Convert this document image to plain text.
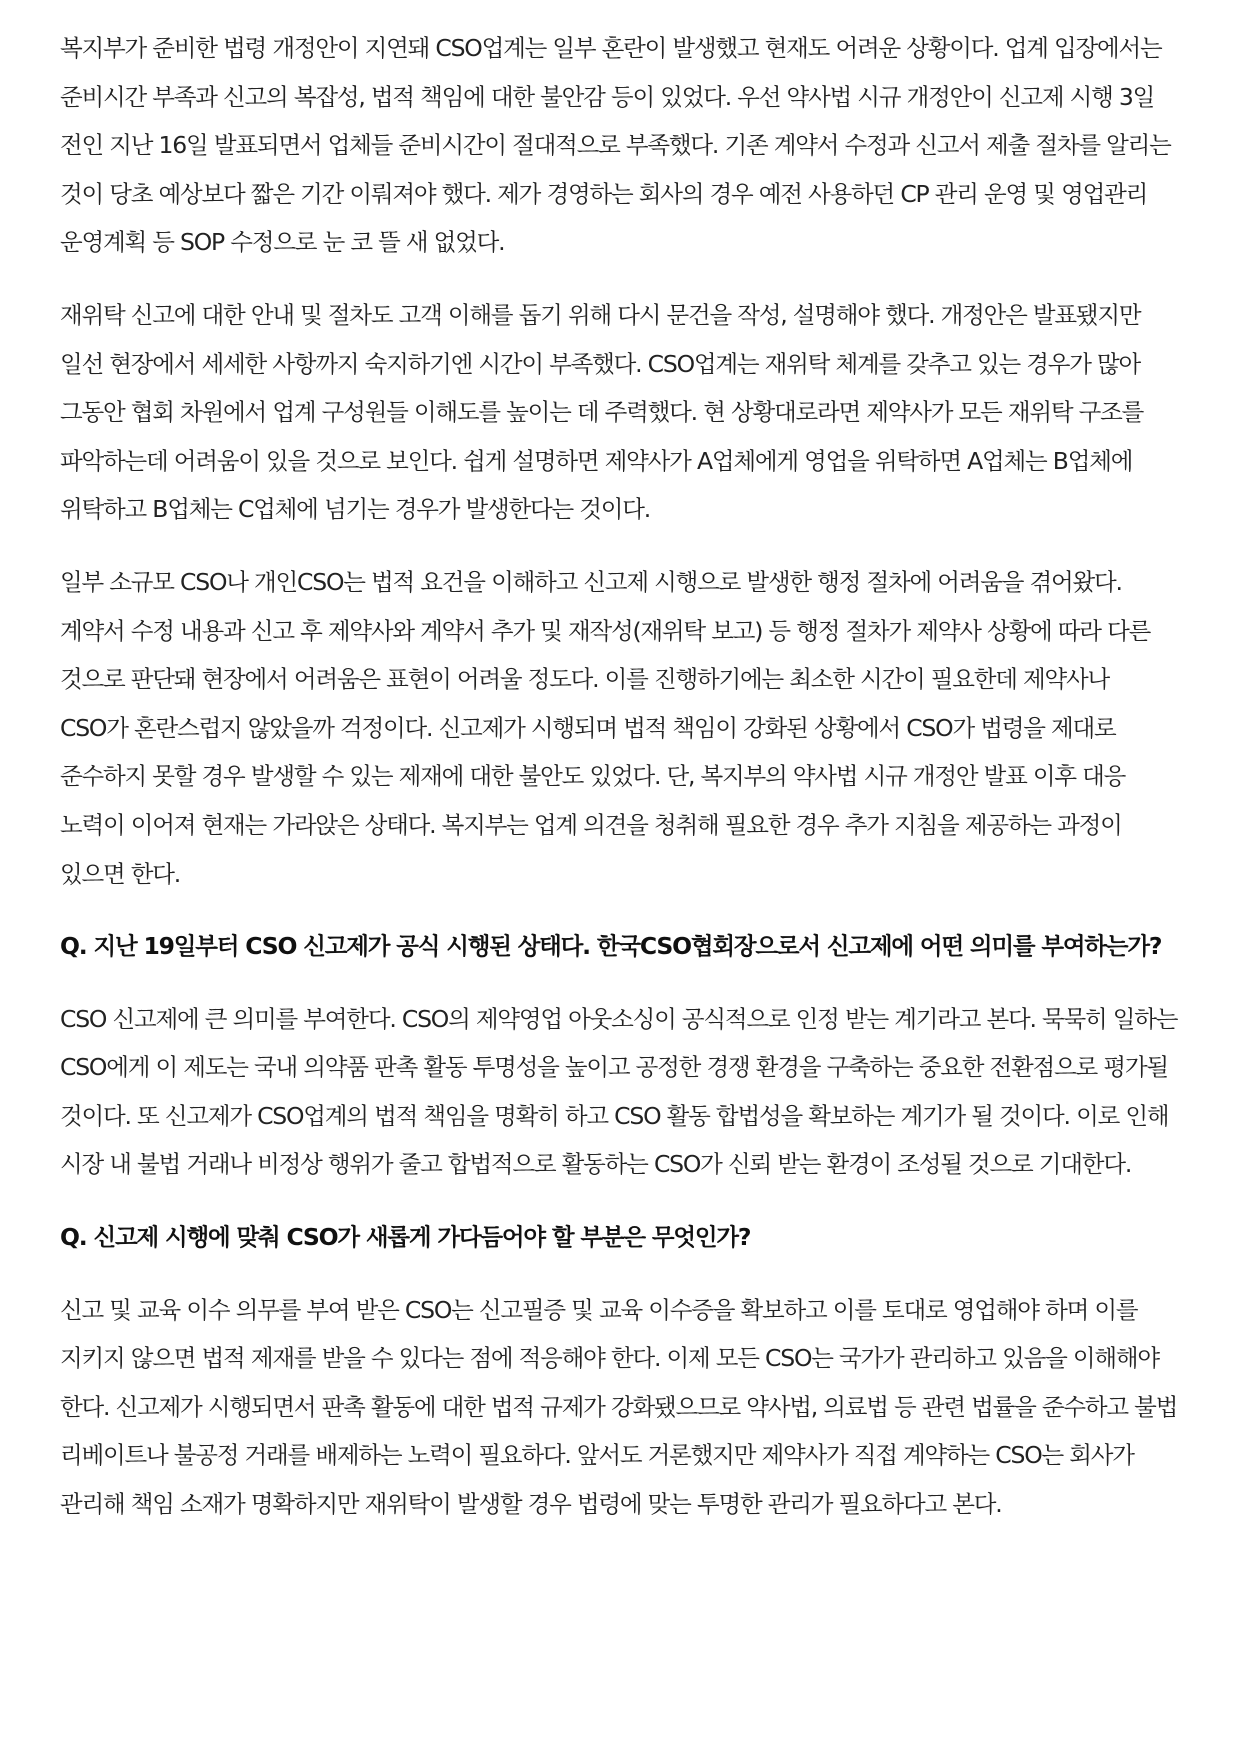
복지부가 준비한 법령 개정안이 지연돼 CSO업계는 일부 혼란이 발생했고 현재도 어려운 상황이다. 업계 입장에서는 준비시간 부족과 신고의 복잡성, 법적 책임에 대한 불안감 등이 있었다. 우선 약사법 시규 개정안이 신고제 시행 3일 전인 지난 16일 발표되면서 업체들 준비시간이 절대적으로 부족했다. 기존 계약서 수정과 신고서 제출 절차를 알리는 것이 당초 예상보다 짧은 기간 이뤄져야 했다. 제가 경영하는 회사의 경우 예전 사용하던 CP 관리 운영 및 영업관리 운영계획 등 SOP 수정으로 눈 코 뜰 새 없었다.

재위탁 신고에 대한 안내 및 절차도 고객 이해를 돕기 위해 다시 문건을 작성, 설명해야 했다. 개정안은 발표됐지만 일선 현장에서 세세한 사항까지 숙지하기엔 시간이 부족했다. CSO업계는 재위탁 체계를 갖추고 있는 경우가 많아 그동안 협회 차원에서 업계 구성원들 이해도를 높이는 데 주력했다. 현 상황대로라면 제약사가 모든 재위탁 구조를 파악하는데 어려움이 있을 것으로 보인다. 쉽게 설명하면 제약사가 A업체에게 영업을 위탁하면 A업체는 B업체에 위탁하고 B업체는 C업체에 넘기는 경우가 발생한다는 것이다.

일부 소규모 CSO나 개인CSO는 법적 요건을 이해하고 신고제 시행으로 발생한 행정 절차에 어려움을 겪어왔다. 계약서 수정 내용과 신고 후 제약사와 계약서 추가 및 재작성(재위탁 보고) 등 행정 절차가 제약사 상황에 따라 다른 것으로 판단돼 현장에서 어려움은 표현이 어려울 정도다. 이를 진행하기에는 최소한 시간이 필요한데 제약사나 CSO가 혼란스럽지 않았을까 걱정이다. 신고제가 시행되며 법적 책임이 강화된 상황에서 CSO가 법령을 제대로 준수하지 못할 경우 발생할 수 있는 제재에 대한 불안도 있었다. 단, 복지부의 약사법 시규 개정안 발표 이후 대응 노력이 이어져 현재는 가라앉은 상태다. 복지부는 업계 의견을 청취해 필요한 경우 추가 지침을 제공하는 과정이 있으면 한다.

Q. 지난 19일부터 CSO 신고제가 공식 시행된 상태다. 한국CSO협회장으로서 신고제에 어떤 의미를 부여하는가?

CSO 신고제에 큰 의미를 부여한다. CSO의 제약영업 아웃소싱이 공식적으로 인정 받는 계기라고 본다. 묵묵히 일하는 CSO에게 이 제도는 국내 의약품 판촉 활동 투명성을 높이고 공정한 경쟁 환경을 구축하는 중요한 전환점으로 평가될 것이다. 또 신고제가 CSO업계의 법적 책임을 명확히 하고 CSO 활동 합법성을 확보하는 계기가 될 것이다. 이로 인해 시장 내 불법 거래나 비정상 행위가 줄고 합법적으로 활동하는 CSO가 신뢰 받는 환경이 조성될 것으로 기대한다.

Q. 신고제 시행에 맞춰 CSO가 새롭게 가다듬어야 할 부분은 무엇인가?

신고 및 교육 이수 의무를 부여 받은 CSO는 신고필증 및 교육 이수증을 확보하고 이를 토대로 영업해야 하며 이를 지키지 않으면 법적 제재를 받을 수 있다는 점에 적응해야 한다. 이제 모든 CSO는 국가가 관리하고 있음을 이해해야 한다. 신고제가 시행되면서 판촉 활동에 대한 법적 규제가 강화됐으므로 약사법, 의료법 등 관련 법률을 준수하고 불법 리베이트나 불공정 거래를 배제하는 노력이 필요하다. 앞서도 거론했지만 제약사가 직접 계약하는 CSO는 회사가 관리해 책임 소재가 명확하지만 재위탁이 발생할 경우 법령에 맞는 투명한 관리가 필요하다고 본다.
